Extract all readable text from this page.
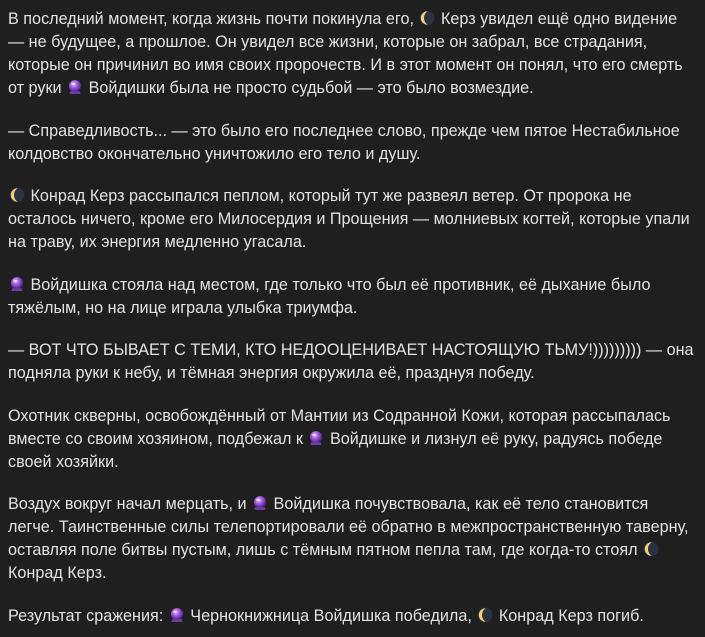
В последний момент, когда жизнь почти покинула его,
Керз увидел ещё одно видение — не будущее, а прошлое. Он увидел все жизни, которые он забрал, все страдания, которые он причинил во имя своих пророчеств. И в этот момент он понял, что его смерть от руки
Войдишки была не просто судьбой — это было возмездие.

— Справедливость... — это было его последнее слово, прежде чем пятое Нестабильное колдовство окончательно уничтожило его тело и душу.

Конрад Керз рассыпался пеплом, который тут же развеял ветер. От пророка не осталось ничего, кроме его Милосердия и Прощения — молниевых когтей, которые упали на траву, их энергия медленно угасала.

Войдишка стояла над местом, где только что был её противник, её дыхание было тяжёлым, но на лице играла улыбка триумфа.

— ВОТ ЧТО БЫВАЕТ С ТЕМИ, КТО НЕДООЦЕНИВАЕТ НАСТОЯЩУЮ ТЬМУ!))))))))) — она подняла руки к небу, и тёмная энергия окружила её, празднуя победу.

Охотник скверны, освобождённый от Мантии из Содранной Кожи, которая рассыпалась вместе со своим хозяином, подбежал к
Войдишке и лизнул её руку, радуясь победе своей хозяйки.

Воздух вокруг начал мерцать, и
Войдишка почувствовала, как её тело становится легче. Таинственные силы телепортировали её обратно в межпространственную таверну, оставляя поле битвы пустым, лишь с тёмным пятном пепла там, где когда-то стоял
Конрад Керз.

Результат сражения:
Чернокнижница Войдишка победила,
Конрад Керз погиб.
